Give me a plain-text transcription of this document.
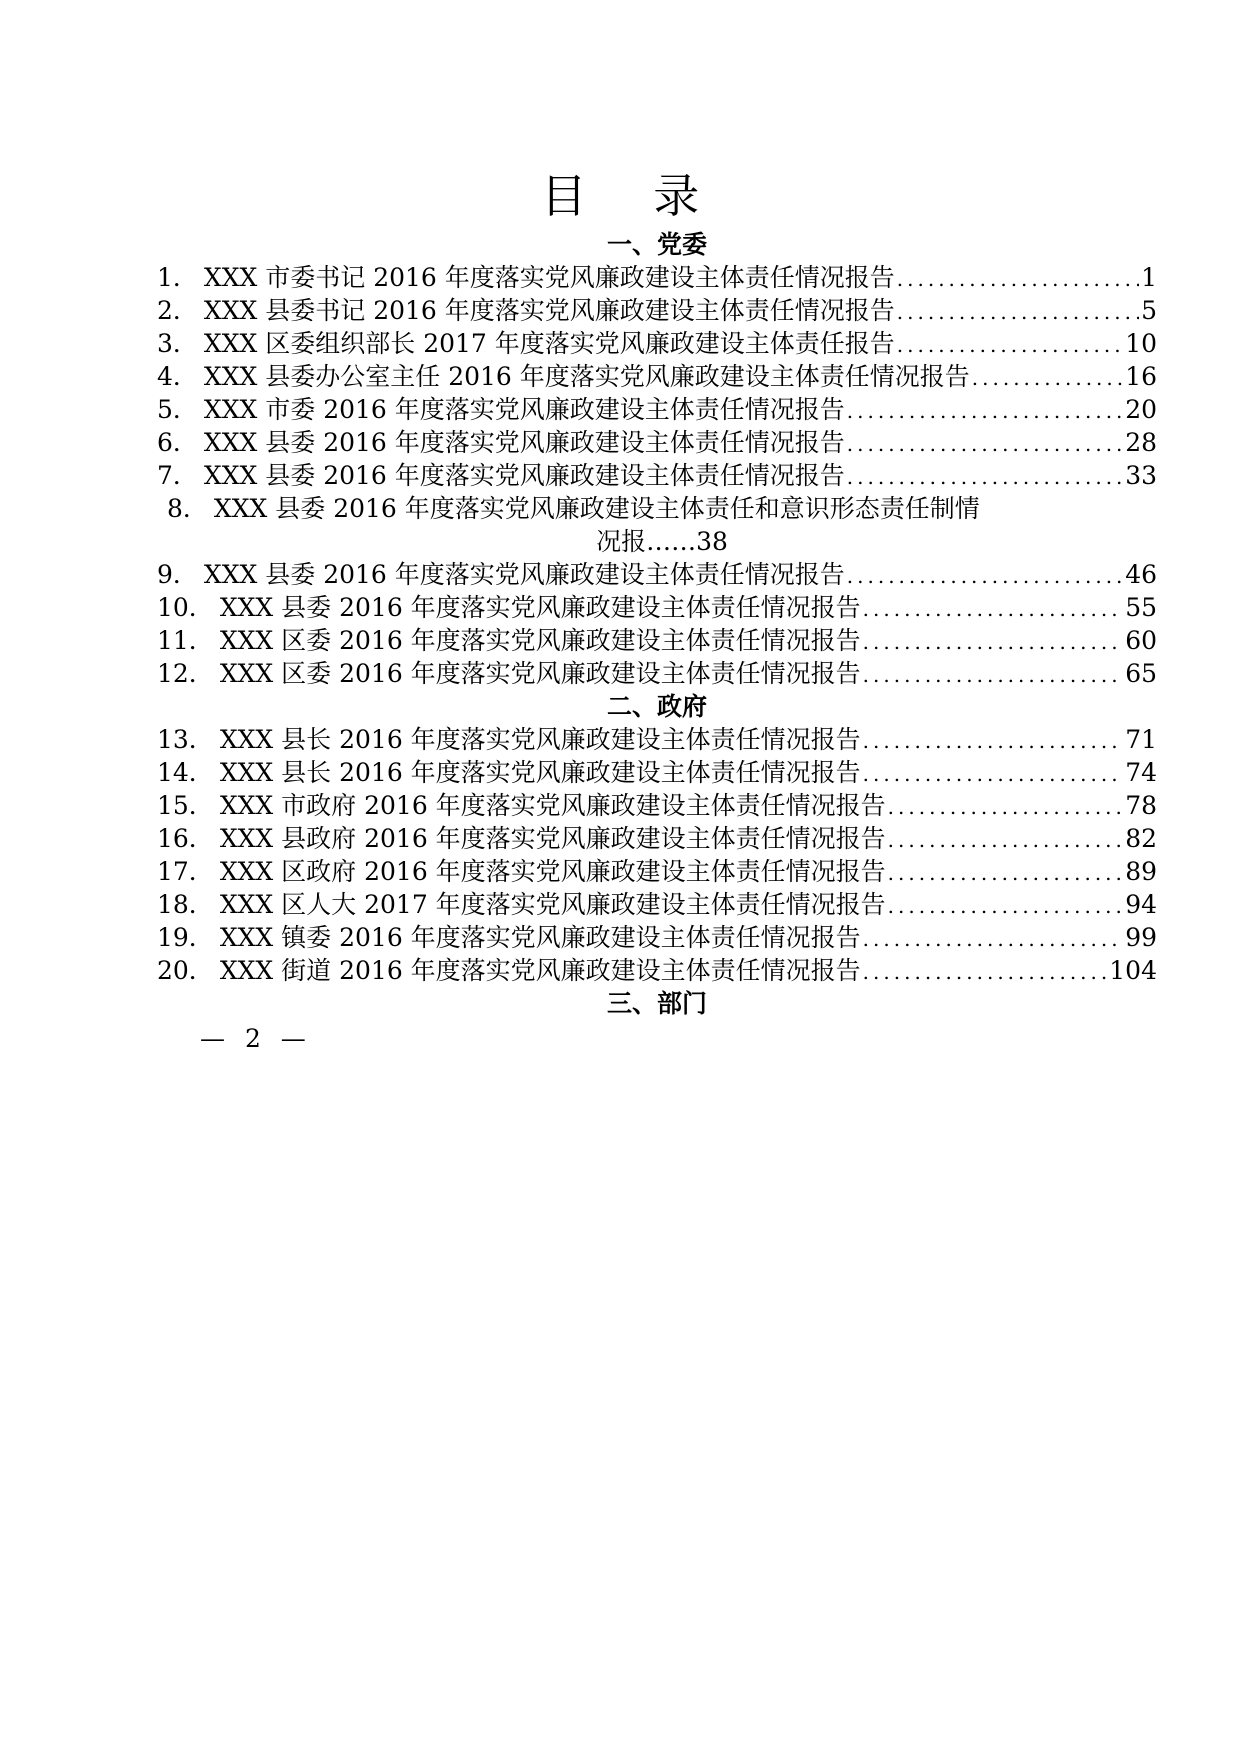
目 录
一、党委
1． XXX 市委书记 2016 年度落实党风廉政建设主体责任情况报告 .....	1
2． XXX 县委书记 2016 年度落实党风廉政建设主体责任情况报告 .....	5
3． XXX 区委组织部长 2017 年度落实党风廉政建设主体责任报告 .....	10
4． XXX 县委办公室主任 2016 年度落实党风廉政建设主体责任情况报告 .....	16
5． XXX 市委 2016 年度落实党风廉政建设主体责任情况报告 .....	20
6． XXX 县委 2016 年度落实党风廉政建设主体责任情况报告 .....	28
7． XXX 县委 2016 年度落实党风廉政建设主体责任情况报告 .....	33
8． XXX 县委 2016 年度落实党风廉政建设主体责任和意识形态责任制情
况报……38
9． XXX 县委 2016 年度落实党风廉政建设主体责任情况报告 .....	46
10． XXX 县委 2016 年度落实党风廉政建设主体责任情况报告 .....	55
11． XXX 区委 2016 年度落实党风廉政建设主体责任情况报告 .....	60
12． XXX 区委 2016 年度落实党风廉政建设主体责任情况报告 .....	65
二、政府
13． XXX 县长 2016 年度落实党风廉政建设主体责任情况报告 .....	71
14． XXX 县长 2016 年度落实党风廉政建设主体责任情况报告 .....	74
15． XXX 市政府 2016 年度落实党风廉政建设主体责任情况报告 .....	78
16． XXX 县政府 2016 年度落实党风廉政建设主体责任情况报告 .....	82
17． XXX 区政府 2016 年度落实党风廉政建设主体责任情况报告 .....	89
18． XXX 区人大 2017 年度落实党风廉政建设主体责任情况报告 .....	94
19． XXX 镇委 2016 年度落实党风廉政建设主体责任情况报告 .....	99
20． XXX 街道 2016 年度落实党风廉政建设主体责任情况报告 .....	104
三、部门
— 2 —
